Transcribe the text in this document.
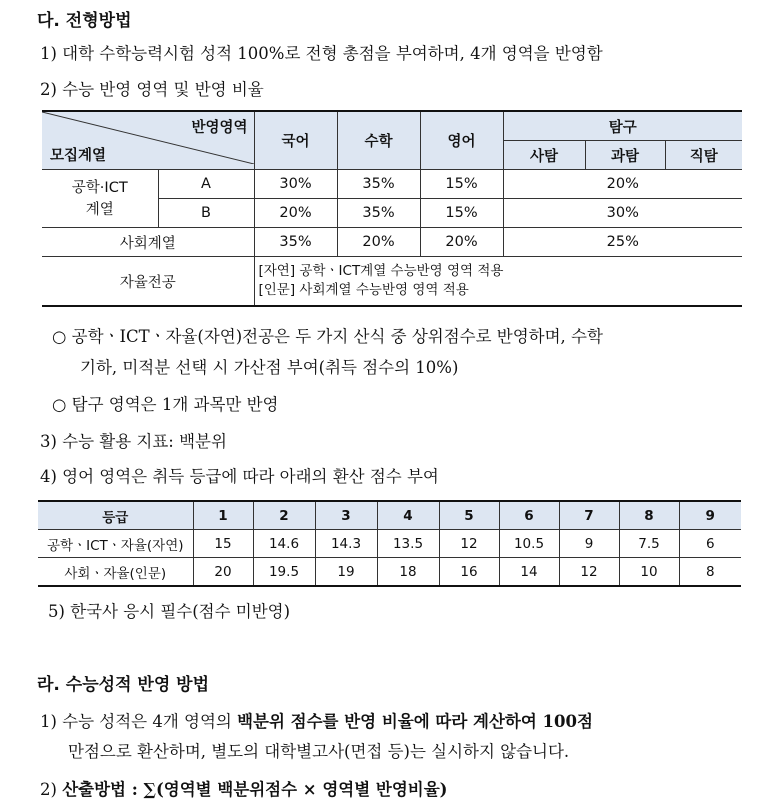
다. 전형방법
1) 대학 수학능력시험 성적 100%로 전형 총점을 부여하며, 4개 영역을 반영함
2) 수능 반영 영역 및 반영 비율
반영영역
모집계열		국어	수학	영어	탐구		
					사탐	과탐	직탐

공학·ICT
계열	A	30%	35%	15%	20%		
	B	20%	35%	15%	30%		
사회계열		35%	20%	20%	25%		
자율전공		[자연] 공학ㆍICT계열 수능반영 영역 적용
[인문] 사회계열 수능반영 영역 적용					
○ 공학ㆍICTㆍ자율(자연)전공은 두 가지 산식 중 상위점수로 반영하며, 수학
기하, 미적분 선택 시 가산점 부여(취득 점수의 10%)
○ 탐구 영역은 1개 과목만 반영
3) 수능 활용 지표: 백분위
4) 영어 영역은 취득 등급에 따라 아래의 환산 점수 부여
등급	1	2	3	4	5	6	7	8	9
공학ㆍICTㆍ자율(자연)	15	14.6	14.3	13.5	12	10.5	9	7.5	6
사회ㆍ자율(인문)	20	19.5	19	18	16	14	12	10	8
5) 한국사 응시 필수(점수 미반영)
라. 수능성적 반영 방법
1) 수능 성적은 4개 영역의 백분위 점수를 반영 비율에 따라 계산하여 100점
만점으로 환산하며, 별도의 대학별고사(면접 등)는 실시하지 않습니다.
2) 산출방법 : ∑(영역별 백분위점수 × 영역별 반영비율)
